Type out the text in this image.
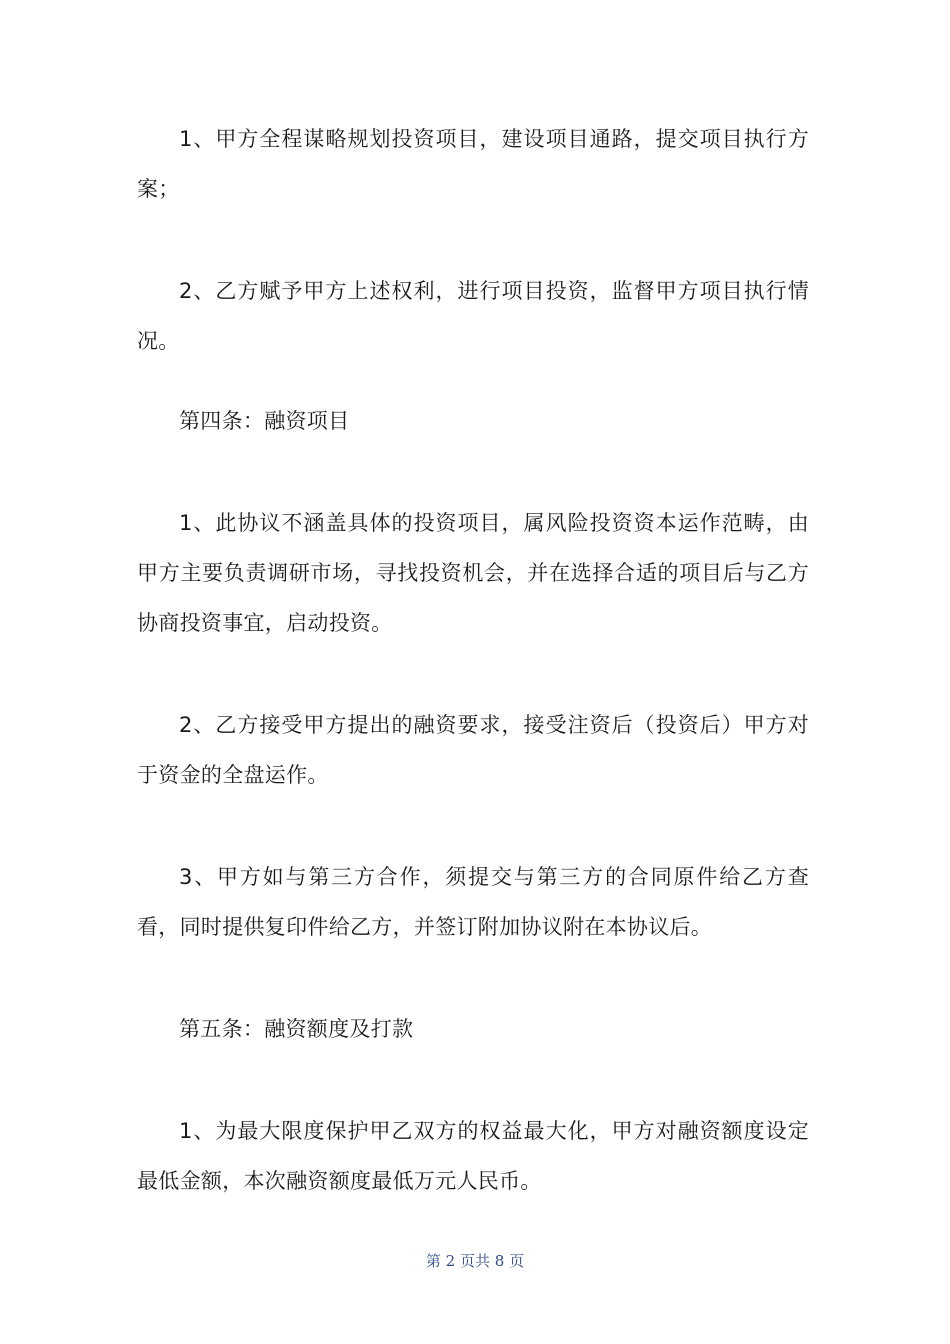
1、甲方全程谋略规划投资项目，建设项目通路，提交项目执行方案；

2、乙方赋予甲方上述权利，进行项目投资，监督甲方项目执行情况。

第四条：融资项目

1、此协议不涵盖具体的投资项目，属风险投资资本运作范畴，由甲方主要负责调研市场，寻找投资机会，并在选择合适的项目后与乙方协商投资事宜，启动投资。

2、乙方接受甲方提出的融资要求，接受注资后（投资后）甲方对于资金的全盘运作。

3、甲方如与第三方合作，须提交与第三方的合同原件给乙方查看，同时提供复印件给乙方，并签订附加协议附在本协议后。

第五条：融资额度及打款

1、为最大限度保护甲乙双方的权益最大化，甲方对融资额度设定最低金额，本次融资额度最低万元人民币。

第 2 页共 8 页
